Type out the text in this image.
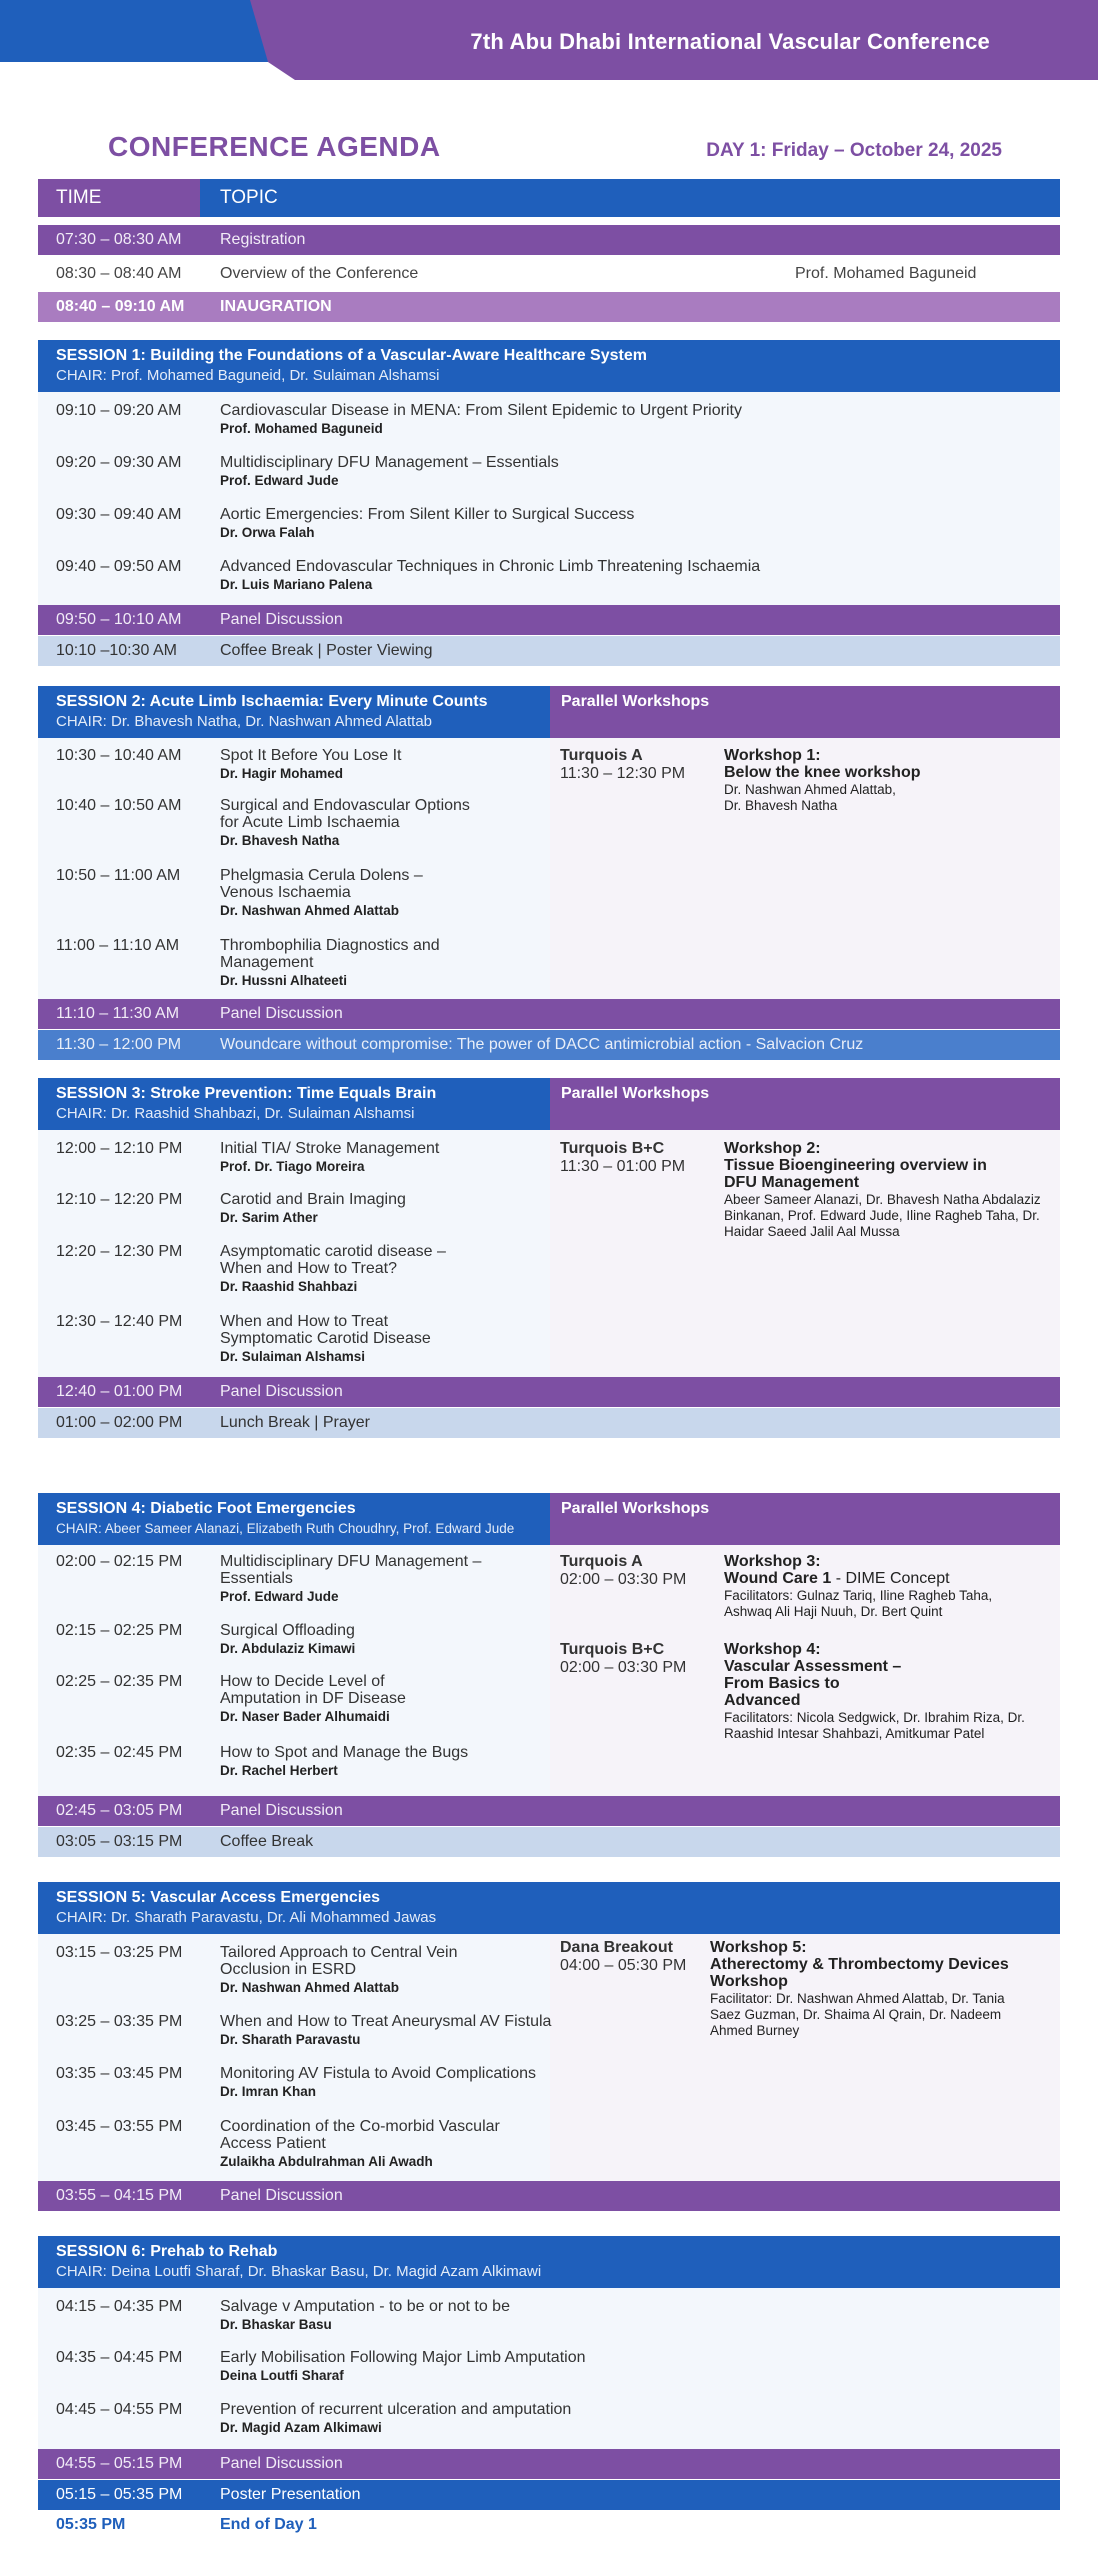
7th Abu Dhabi International Vascular Conference
CONFERENCE AGENDA	DAY 1: Friday – October 24, 2025
TIME	TOPIC
07:30 – 08:30 AM Registration
08:30 – 08:40 AM Overview of the Conference	Prof. Mohamed Baguneid
08:40 – 09:10 AM INAUGRATION
SESSION 1: Building the Foundations of a Vascular-Aware Healthcare System
CHAIR: Prof. Mohamed Baguneid, Dr. Sulaiman Alshamsi
09:10 – 09:20 AM Cardiovascular Disease in MENA: From Silent Epidemic to Urgent Priority
Prof. Mohamed Baguneid
09:20 – 09:30 AM Multidisciplinary DFU Management – Essentials
Prof. Edward Jude
09:30 – 09:40 AM Aortic Emergencies: From Silent Killer to Surgical Success
Dr. Orwa Falah
09:40 – 09:50 AM Advanced Endovascular Techniques in Chronic Limb Threatening Ischaemia
Dr. Luis Mariano Palena
09:50 – 10:10 AM Panel Discussion
10:10 –10:30 AM	Coffee Break | Poster Viewing
SESSION 2: Acute Limb Ischaemia: Every Minute Counts
CHAIR: Dr. Bhavesh Natha, Dr. Nashwan Ahmed Alattab
Parallel Workshops
10:30 – 10:40 AM Spot It Before You Lose It
Dr. Hagir Mohamed
10:40 – 10:50 AM Surgical and Endovascular Options for Acute Limb Ischaemia
Dr. Bhavesh Natha
10:50 – 11:00 AM Phelgmasia Cerula Dolens – Venous Ischaemia
Dr. Nashwan Ahmed Alattab
11:00 – 11:10 AM	Thrombophilia Diagnostics and Management
Dr. Hussni Alhateeti
Turquois A
11:30 – 12:30 PM
Workshop 1:
Below the knee workshop
Dr. Nashwan Ahmed Alattab, Dr. Bhavesh Natha
11:10 – 11:30 AM	Panel Discussion
11:30 – 12:00 PM Woundcare without compromise: The power of DACC antimicrobial action - Salvacion Cruz
SESSION 3: Stroke Prevention: Time Equals Brain
CHAIR: Dr. Raashid Shahbazi, Dr. Sulaiman Alshamsi
Parallel Workshops
12:00 – 12:10 PM Initial TIA/ Stroke Management
Prof. Dr. Tiago Moreira
12:10 – 12:20 PM Carotid and Brain Imaging
Dr. Sarim Ather
12:20 – 12:30 PM Asymptomatic carotid disease – When and How to Treat?
Dr. Raashid Shahbazi
12:30 – 12:40 PM When and How to Treat Symptomatic Carotid Disease
Dr. Sulaiman Alshamsi
Turquois B+C
11:30 – 01:00 PM
Workshop 2:
Tissue Bioengineering overview in DFU Management
Abeer Sameer Alanazi, Dr. Bhavesh Natha Abdalaziz Binkanan, Prof. Edward Jude, Iline Ragheb Taha, Dr. Haidar Saeed Jalil Aal Mussa
12:40 – 01:00 PM Panel Discussion
01:00 – 02:00 PM Lunch Break | Prayer
SESSION 4: Diabetic Foot Emergencies
CHAIR: Abeer Sameer Alanazi, Elizabeth Ruth Choudhry, Prof. Edward Jude
Parallel Workshops
02:00 – 02:15 PM Multidisciplinary DFU Management – Essentials
Prof. Edward Jude
02:15 – 02:25 PM Surgical Offloading
Dr. Abdulaziz Kimawi
02:25 – 02:35 PM How to Decide Level of Amputation in DF Disease
Dr. Naser Bader Alhumaidi
02:35 – 02:45 PM How to Spot and Manage the Bugs
Dr. Rachel Herbert
Turquois A
02:00 – 03:30 PM
Workshop 3:
Wound Care 1 - DIME Concept
Facilitators: Gulnaz Tariq, Iline Ragheb Taha, Ashwaq Ali Haji Nuuh, Dr. Bert Quint
Turquois B+C
02:00 – 03:30 PM
Workshop 4:
Vascular Assessment – From Basics to Advanced
Facilitators: Nicola Sedgwick, Dr. Ibrahim Riza, Dr. Raashid Intesar Shahbazi, Amitkumar Patel
02:45 – 03:05 PM Panel Discussion
03:05 – 03:15 PM Coffee Break
SESSION 5: Vascular Access Emergencies
CHAIR: Dr. Sharath Paravastu, Dr. Ali Mohammed Jawas
03:15 – 03:25 PM Tailored Approach to Central Vein Occlusion in ESRD
Dr. Nashwan Ahmed Alattab
03:25 – 03:35 PM When and How to Treat Aneurysmal AV Fistula
Dr. Sharath Paravastu
03:35 – 03:45 PM Monitoring AV Fistula to Avoid Complications
Dr. Imran Khan
03:45 – 03:55 PM Coordination of the Co-morbid Vascular Access Patient
Zulaikha Abdulrahman Ali Awadh
Dana Breakout
04:00 – 05:30 PM
Workshop 5:
Atherectomy & Thrombectomy Devices Workshop
Facilitator: Dr. Nashwan Ahmed Alattab, Dr. Tania Saez Guzman, Dr. Shaima Al Qrain, Dr. Nadeem Ahmed Burney
03:55 – 04:15 PM Panel Discussion
SESSION 6: Prehab to Rehab
CHAIR: Deina Loutfi Sharaf, Dr. Bhaskar Basu, Dr. Magid Azam Alkimawi
04:15 – 04:35 PM Salvage v Amputation - to be or not to be
Dr. Bhaskar Basu
04:35 – 04:45 PM Early Mobilisation Following Major Limb Amputation
Deina Loutfi Sharaf
04:45 – 04:55 PM Prevention of recurrent ulceration and amputation
Dr. Magid Azam Alkimawi
04:55 – 05:15 PM Panel Discussion
05:15 – 05:35 PM Poster Presentation
05:35 PM	End of Day 1
